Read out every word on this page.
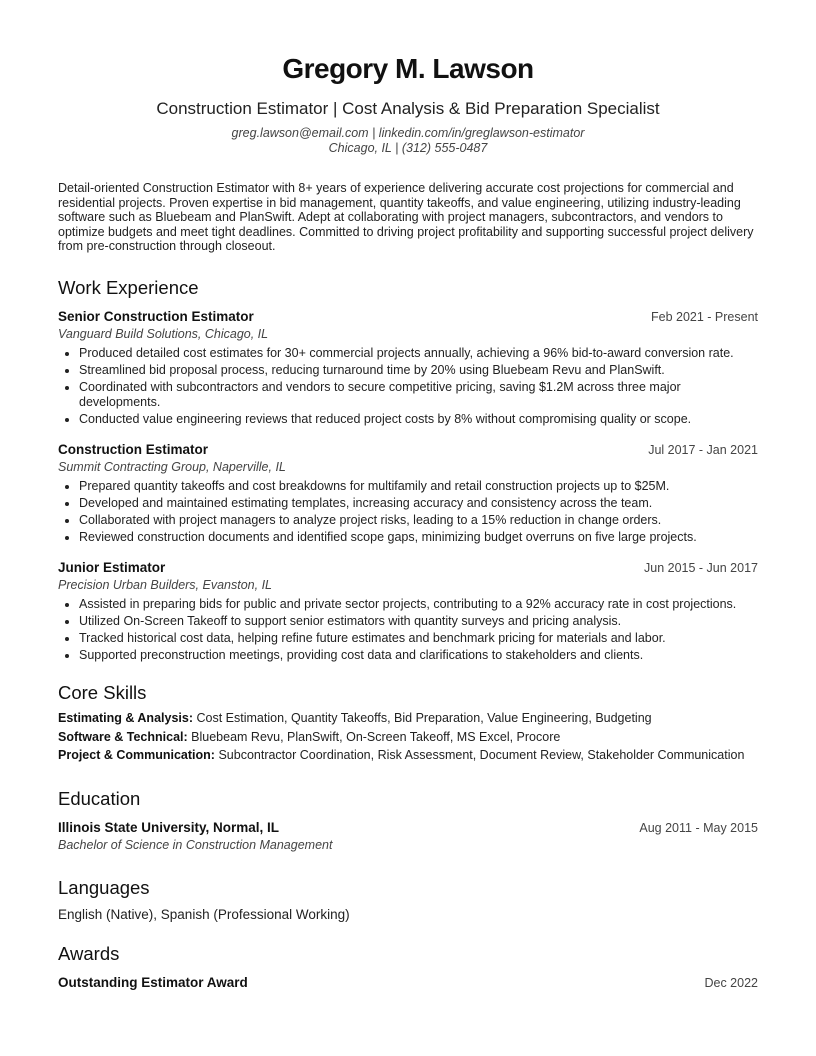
Gregory M. Lawson
Construction Estimator | Cost Analysis & Bid Preparation Specialist
greg.lawson@email.com | linkedin.com/in/greglawson-estimator
Chicago, IL | (312) 555-0487

Detail-oriented Construction Estimator with 8+ years of experience delivering accurate cost projections for commercial and residential projects. Proven expertise in bid management, quantity takeoffs, and value engineering, utilizing industry-leading software such as Bluebeam and PlanSwift. Adept at collaborating with project managers, subcontractors, and vendors to optimize budgets and meet tight deadlines. Committed to driving project profitability and supporting successful project delivery from pre-construction through closeout.

Work Experience
Senior Construction Estimator	Feb 2021 - Present
Vanguard Build Solutions, Chicago, IL
• Produced detailed cost estimates for 30+ commercial projects annually, achieving a 96% bid-to-award conversion rate.
• Streamlined bid proposal process, reducing turnaround time by 20% using Bluebeam Revu and PlanSwift.
• Coordinated with subcontractors and vendors to secure competitive pricing, saving $1.2M across three major developments.
• Conducted value engineering reviews that reduced project costs by 8% without compromising quality or scope.
Construction Estimator	Jul 2017 - Jan 2021
Summit Contracting Group, Naperville, IL
• Prepared quantity takeoffs and cost breakdowns for multifamily and retail construction projects up to $25M.
• Developed and maintained estimating templates, increasing accuracy and consistency across the team.
• Collaborated with project managers to analyze project risks, leading to a 15% reduction in change orders.
• Reviewed construction documents and identified scope gaps, minimizing budget overruns on five large projects.
Junior Estimator	Jun 2015 - Jun 2017
Precision Urban Builders, Evanston, IL
• Assisted in preparing bids for public and private sector projects, contributing to a 92% accuracy rate in cost projections.
• Utilized On-Screen Takeoff to support senior estimators with quantity surveys and pricing analysis.
• Tracked historical cost data, helping refine future estimates and benchmark pricing for materials and labor.
• Supported preconstruction meetings, providing cost data and clarifications to stakeholders and clients.
Core Skills
Estimating & Analysis: Cost Estimation, Quantity Takeoffs, Bid Preparation, Value Engineering, Budgeting
Software & Technical: Bluebeam Revu, PlanSwift, On-Screen Takeoff, MS Excel, Procore
Project & Communication: Subcontractor Coordination, Risk Assessment, Document Review, Stakeholder Communication
Education
Illinois State University, Normal, IL	Aug 2011 - May 2015
Bachelor of Science in Construction Management
Languages
English (Native), Spanish (Professional Working)
Awards
Outstanding Estimator Award	Dec 2022
